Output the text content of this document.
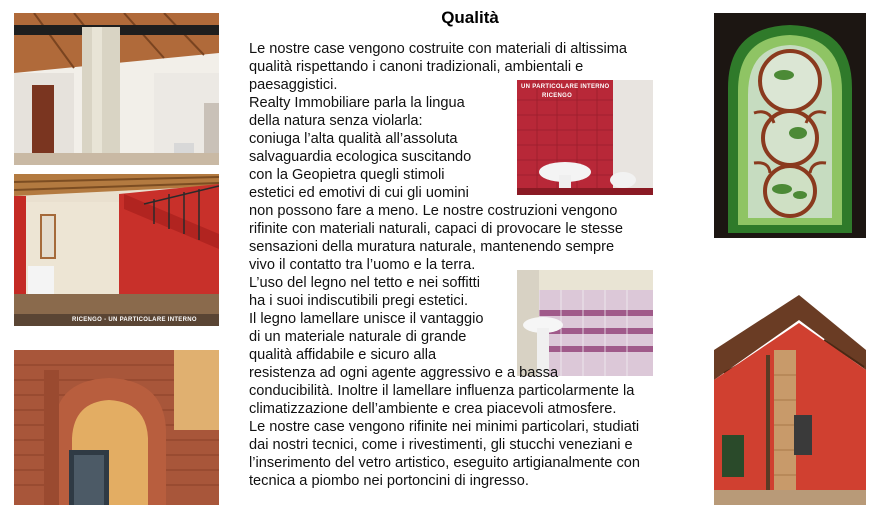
Qualità
RICENGO - UN PARTICOLARE INTERNO
UN PARTICOLARE INTERNO
RICENGO
Le nostre case vengono costruite con materiali di altissima
qualità rispettando i canoni tradizionali, ambientali e
paesaggistici.
Realty Immobiliare parla la lingua
della natura senza violarla:
coniuga l’alta qualità all’assoluta
salvaguardia ecologica suscitando
con la Geopietra quegli stimoli
estetici ed emotivi di cui gli uomini
non possono fare a meno. Le nostre costruzioni vengono
rifinite con materiali naturali, capaci di provocare le stesse
sensazioni della muratura naturale, mantenendo sempre
vivo il contatto tra l’uomo e la terra.
L’uso del legno nel tetto e nei soffitti
ha i suoi indiscutibili pregi estetici.
Il legno lamellare unisce il vantaggio
di un materiale naturale di grande
qualità affidabile e sicuro alla
resistenza ad ogni agente aggressivo e a bassa
conducibilità. Inoltre il lamellare influenza particolarmente la
climatizzazione dell’ambiente e crea piacevoli atmosfere.
Le nostre case vengono rifinite nei minimi particolari, studiati
dai nostri tecnici, come i rivestimenti, gli stucchi veneziani e
l’inserimento del vetro artistico, eseguito artigianalmente con
tecnica a piombo nei portoncini di ingresso.
